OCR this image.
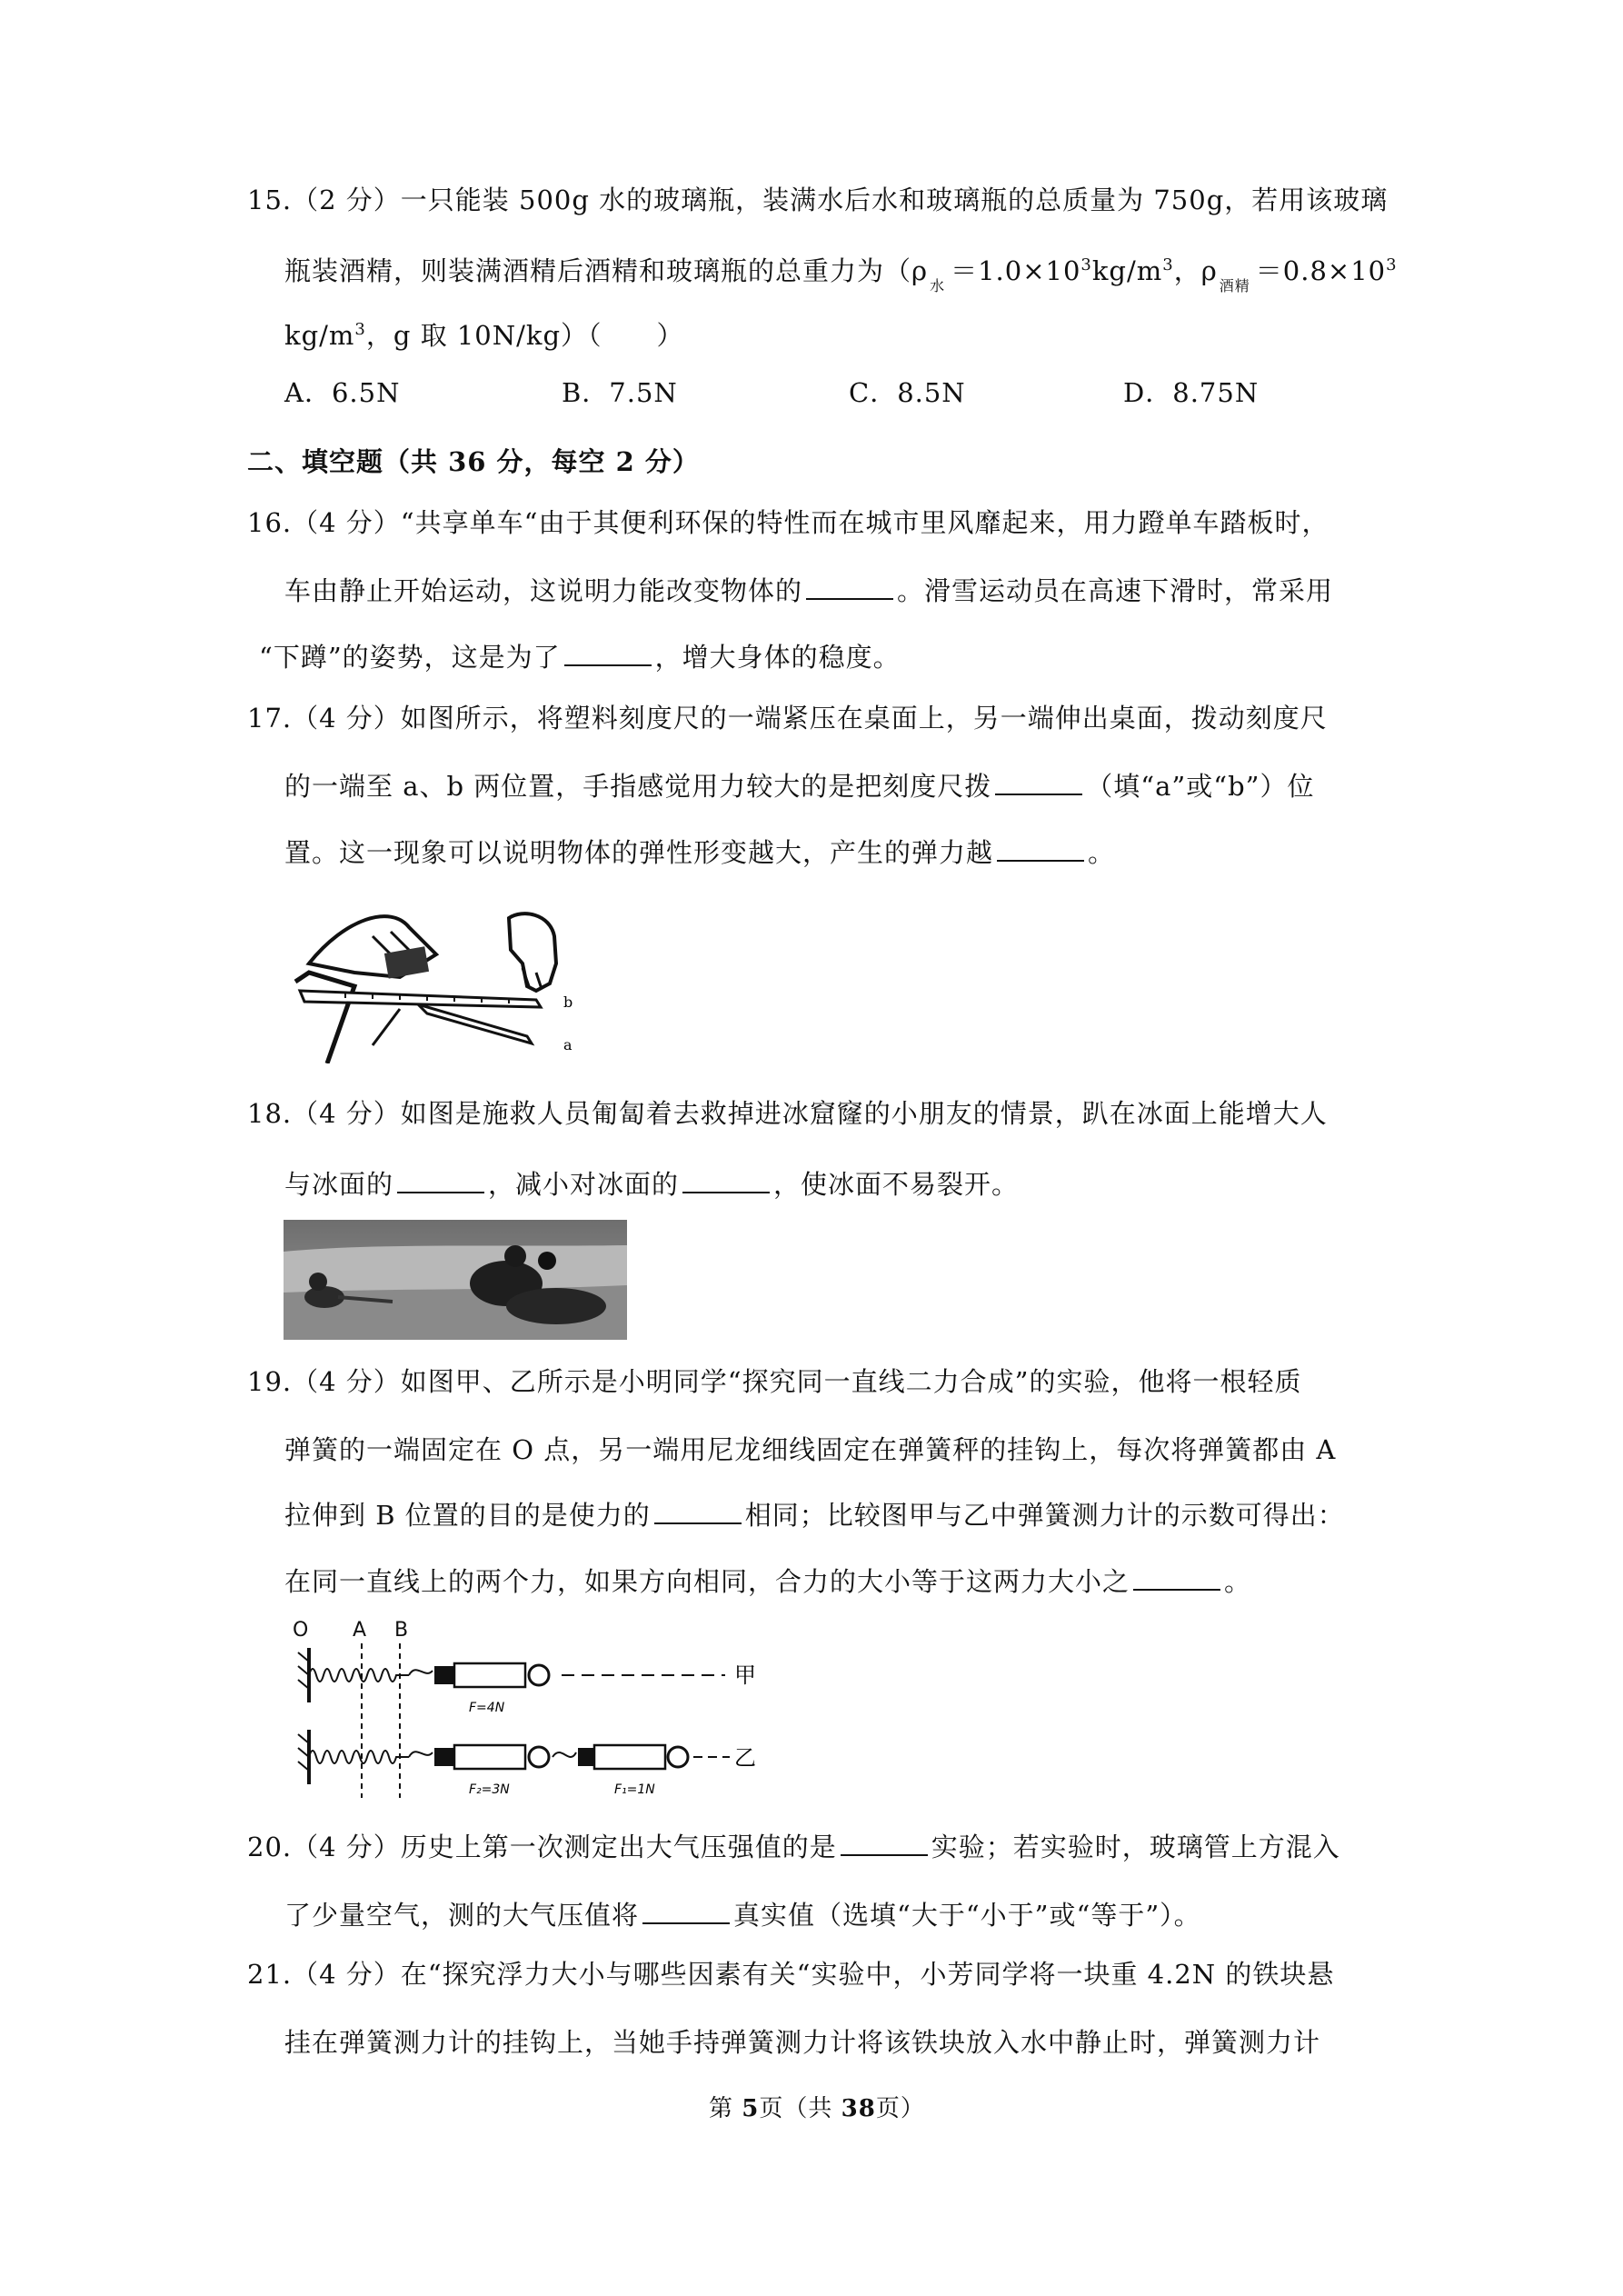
15.（2 分）一只能装 500g 水的玻璃瓶，装满水后水和玻璃瓶的总质量为 750g，若用该玻璃
瓶装酒精，则装满酒精后酒精和玻璃瓶的总重力为（ρ $_水 =1.0\times 10^3kg/m^3$，ρ $_{酒精} =0.8\times 10^3$
$kg/m^3$，g 取 10N/kg）（　　）
A．6.5N	B．7.5N	C．8.5N	D．8.75N
二、填空题（共 36 分，每空 2 分）
16.（4 分）“共享单车“由于其便利环保的特性而在城市里风靡起来，用力蹬单车踏板时，
车由静止开始运动，这说明力能改变物体的	。滑雪运动员在高速下滑时，常采用
“下蹲”的姿势，这是为了	，增大身体的稳度。
17.（4 分）如图所示，将塑料刻度尺的一端紧压在桌面上，另一端伸出桌面，拨动刻度尺
的一端至 a、b 两位置，手指感觉用力较大的是把刻度尺拨	（填“a”或“b”）位
置。这一现象可以说明物体的弹性形变越大，产生的弹力越	。
b
a
18.（4 分）如图是施救人员匍匐着去救掉进冰窟窿的小朋友的情景，趴在冰面上能增大人
与冰面的	，减小对冰面的	，使冰面不易裂开。
19.（4 分）如图甲、乙所示是小明同学“探究同一直线二力合成”的实验，他将一根轻质
弹簧的一端固定在 O 点，另一端用尼龙细线固定在弹簧秤的挂钩上，每次将弹簧都由 A
拉伸到 B 位置的目的是使力的	相同；比较图甲与乙中弹簧测力计的示数可得出：
在同一直线上的两个力，如果方向相同，合力的大小等于这两力大小之	。
O A B
甲
F=4N
乙
F₂=3N	F₁=1N
20.（4 分）历史上第一次测定出大气压强值的是	实验；若实验时，玻璃管上方混入
了少量空气，测的大气压值将	真实值（选填“大于“小于”或“等于”）。
21.（4 分）在“探究浮力大小与哪些因素有关“实验中，小芳同学将一块重 4.2N 的铁块悬
挂在弹簧测力计的挂钩上，当她手持弹簧测力计将该铁块放入水中静止时，弹簧测力计
第 5页（共 38页）
